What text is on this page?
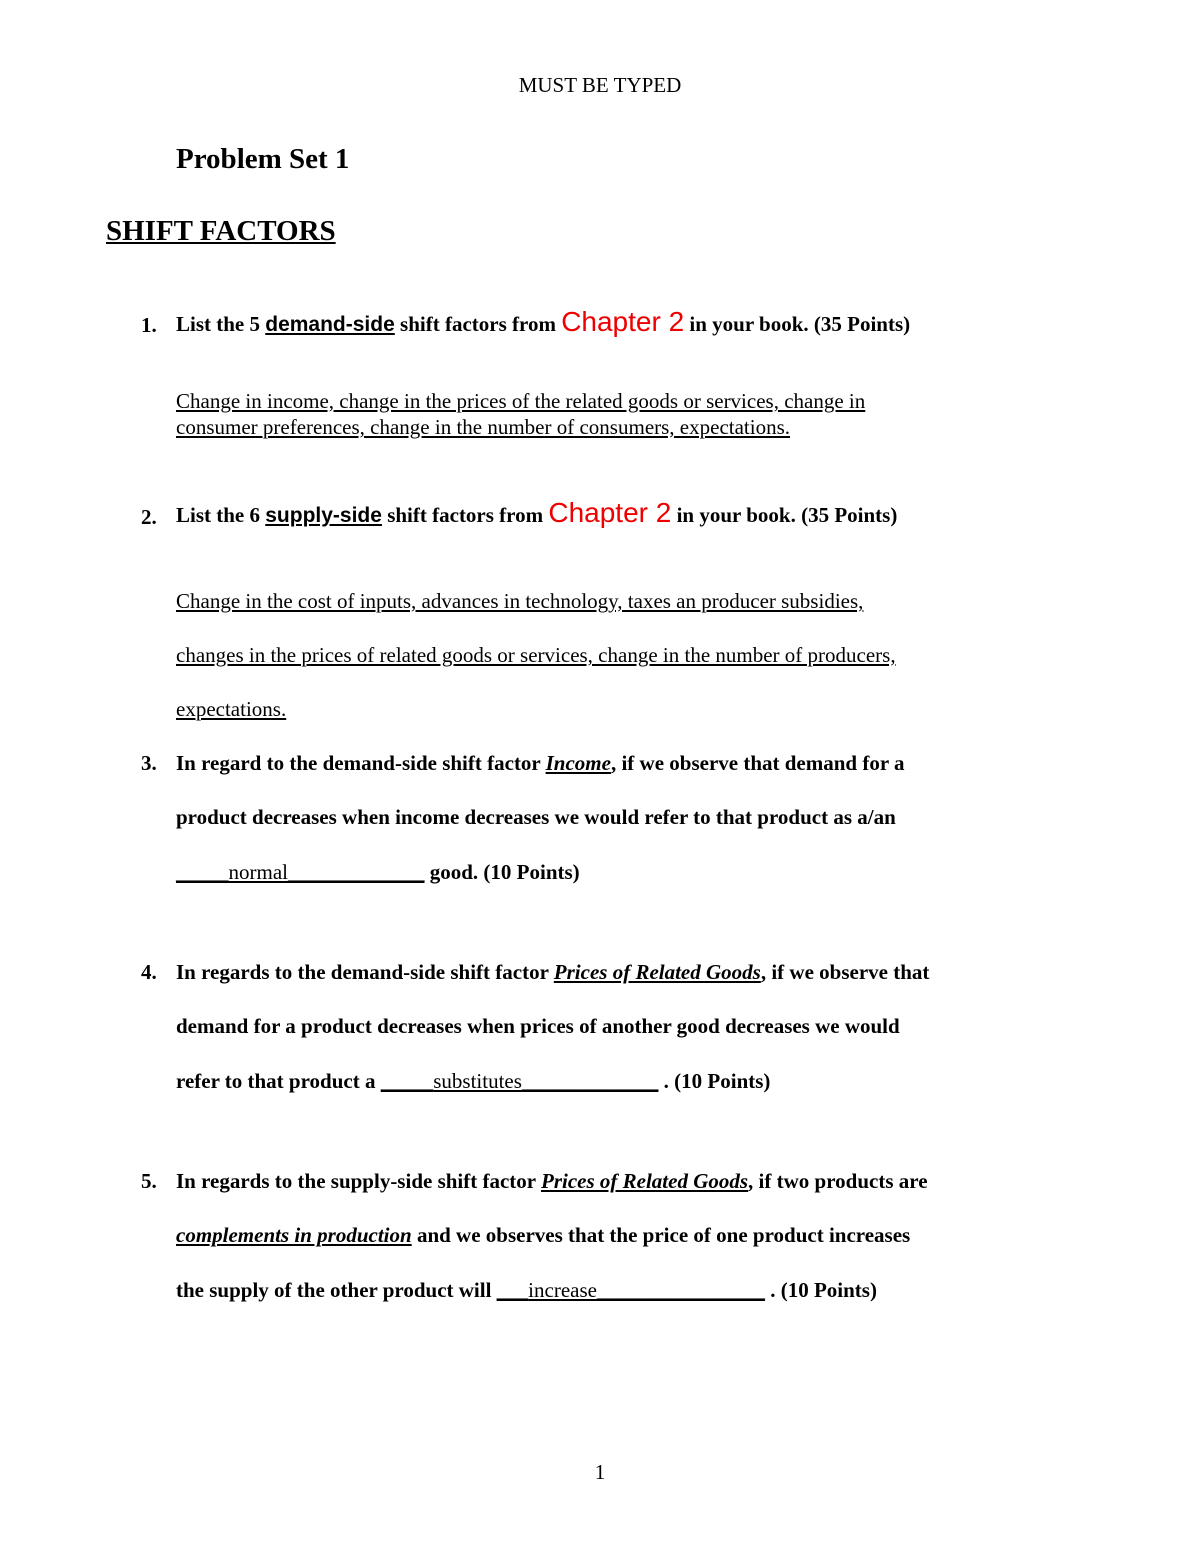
MUST BE TYPED
Problem Set 1
SHIFT FACTORS
1. List the 5 demand-side shift factors from Chapter 2 in your book. (35 Points)
Change in income, change in the prices of the related goods or services, change in
consumer preferences, change in the number of consumers, expectations.
2. List the 6 supply-side shift factors from Chapter 2 in your book. (35 Points)
Change in the cost of inputs, advances in technology, taxes an producer subsidies,
changes in the prices of related goods or services, change in the number of producers,
expectations.
3. In regard to the demand-side shift factor Income, if we observe that demand for a
product decreases when income decreases we would refer to that product as a/an
_____normal_____________ good. (10 Points)
4. In regards to the demand-side shift factor Prices of Related Goods, if we observe that
demand for a product decreases when prices of another good decreases we would
refer to that product a _____substitutes_____________ . (10 Points)
5. In regards to the supply-side shift factor Prices of Related Goods, if two products are
complements in production and we observes that the price of one product increases
the supply of the other product will ___increase________________ . (10 Points)
1
